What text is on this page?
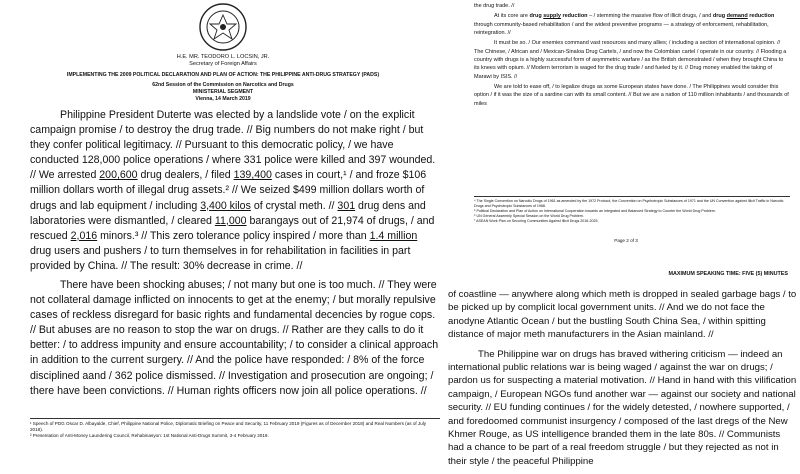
H.E. MR. TEODORO L. LOCSIN, JR.
Secretary of Foreign Affairs
IMPLEMENTING THE 2009 POLITICAL DECLARATION AND PLAN OF ACTION: THE PHILIPPINE ANTI-DRUG STRATEGY (PADS)
62nd Session of the Commission on Narcotics and Drugs
MINISTERIAL SEGMENT
Vienna, 14 March 2019

Philippine President Duterte was elected by a landslide vote / on the explicit campaign promise / to destroy the drug trade. // Big numbers do not make right / but they confer political legitimacy. // Pursuant to this democratic policy, / we have conducted 128,000 police operations / where 331 police were killed and 397 wounded. // We arrested 200,600 drug dealers, / filed 139,400 cases in court,¹ / and froze $106 million dollars worth of illegal drug assets.² // We seized $499 million dollars worth of drugs and lab equipment / including 3,400 kilos of crystal meth. // 301 drug dens and laboratories were dismantled, / cleared 11,000 barangays out of 21,974 of drugs, / and rescued 2,016 minors.³ // This zero tolerance policy inspired / more than 1.4 million drug users and pushers / to turn themselves in for rehabilitation in facilities in part provided by China. // The result: 30% decrease in crime. //

There have been shocking abuses; / not many but one is too much. // They were not collateral damage inflicted on innocents to get at the enemy; / but morally repulsive cases of reckless disregard for basic rights and fundamental decencies by rogue cops. // But abuses are no reason to stop the war on drugs. // Rather are they calls to do it better: / to address impunity and ensure accountability; / to consider a clinical approach in addition to the current surgery. // And the police have responded: / 8% of the force disciplined aand / 362 police dismissed. // Investigation and prosecution are ongoing; / there have been convictions. // Human rights officers now join all police operations. //

¹ Speech of PDG Oscar D. Albayalde, Chief, Philippine National Police, Diplomatic Briefing on Peace and Security, 11 February 2019 (Figures as of December 2018) and Real Numbers (as of July 2018).
² Presentation of Anti-Money Laundering Council, Rehabinasyon: 1st National Anti-Drugs Summit, 3-4 February 2019.

the drug trade. //

At its core are drug supply reduction – / stemming the massive flow of illicit drugs, / and drug demand reduction through community-based rehabilitation / and the widest preventive programs — a strategy of enforcement, rehabilitation, reintegration. //

It must be so. / Our enemies command vast resources and many allies; / including a section of international opinion. // The Chinese, / African and / Mexican-Sinaloa Drug Cartels, / and now the Colombian cartel / operate in our country. // Flooding a country with drugs is a highly successful form of asymmetric warfare / as the British demonstrated / when they brought China to its knees with opium. // Modern terrorism is waged for the drug trade / and fueled by it. // Drug money enabled the taking of Marawi by ISIS. //

We are told to ease off, / to legalize drugs as some European states have done. / The Philippines would consider this option / if it was the size of a sardine can with its small content. // But we are a nation of 110 million inhabitants / and thousands of miles

⁴ The Single Convention on Narcotic Drugs of 1961 as amended by the 1972 Protocol, the Convention on Psychotropic Substances of 1971 and the UN Convention against Illicit Traffic in Narcotic Drugs and Psychotropic Substances of 1988.
⁵ Political Declaration and Plan of Action on International Cooperation towards an Integrated and Balanced Strategy to Counter the World Drug Problem.
⁶ UN General Assembly Special Session on the World Drug Problem.
⁷ ASEAN Work Plan on Securing Communities Against Illicit Drugs 2016-2025.
Page 2 of 3
MAXIMUM SPEAKING TIME: FIVE (5) MINUTES

of coastline — anywhere along which meth is dropped in sealed garbage bags / to be picked up by complicit local government units. // And we do not face the anodyne Atlantic Ocean / but the bustling South China Sea, / within spitting distance of major meth manufacturers in the Asian mainland. //

The Philippine war on drugs has braved withering criticism — indeed an international public relations war is being waged / against the war on drugs; / pardon us for suspecting a material motivation. // Hand in hand with this vilification campaign, / European NGOs fund another war — against our society and national security. // EU funding continues / for the widely detested, / nowhere supported, / and foredoomed communist insurgency / composed of the last dregs of the New Khmer Rouge, as US intelligence branded them in the late 80s. // Communists had a chance to be part of a real freedom struggle / but they rejected as not in their style / the peaceful Philippine
